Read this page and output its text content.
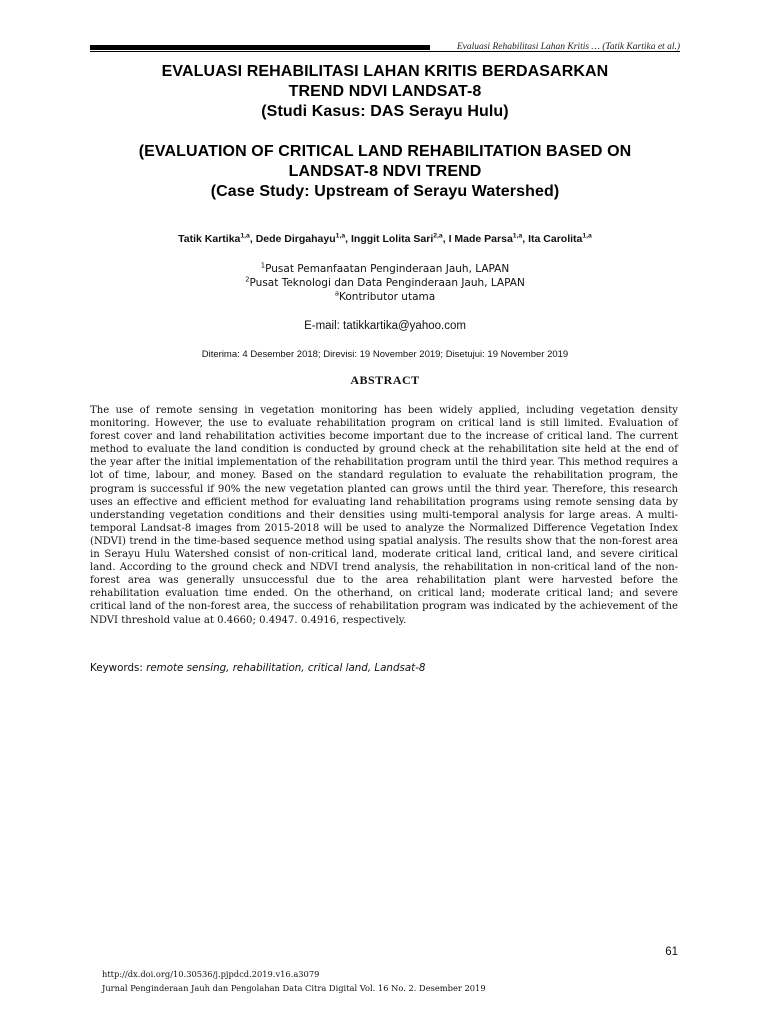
Evaluasi Rehabilitasi Lahan Kritis … (Tatik Kartika et al.)
EVALUASI REHABILITASI LAHAN KRITIS BERDASARKAN
TREND NDVI LANDSAT-8
(Studi Kasus: DAS Serayu Hulu)
(EVALUATION OF CRITICAL LAND REHABILITATION BASED ON
LANDSAT-8 NDVI TREND
(Case Study: Upstream of Serayu Watershed)
Tatik Kartika$^{1,a}$, Dede Dirgahayu$^{1,a}$, Inggit Lolita Sari$^{2,a}$, I Made Parsa$^{1,a}$, Ita Carolita$^{1,a}$
$^1$Pusat Pemanfaatan Penginderaan Jauh, LAPAN
$^2$Pusat Teknologi dan Data Penginderaan Jauh, LAPAN
$^a$Kontributor utama
E-mail: tatikkartika@yahoo.com
Diterima: 4 Desember 2018; Direvisi: 19 November 2019; Disetujui: 19 November 2019
ABSTRACT
The use of remote sensing in vegetation monitoring has been widely applied, including vegetation density monitoring. However, the use to evaluate rehabilitation program on critical land is still limited. Evaluation of forest cover and land rehabilitation activities become important due to the increase of critical land. The current method to evaluate the land condition is conducted by ground check at the rehabilitation site held at the end of the year after the initial implementation of the rehabilitation program until the third year. This method requires a lot of time, labour, and money. Based on the standard regulation to evaluate the rehabilitation program, the program is successful if 90% the new vegetation planted can grows until the third year. Therefore, this research uses an effective and efficient method for evaluating land rehabilitation programs using remote sensing data by understanding vegetation conditions and their densities using multi-temporal analysis for large areas. A multi-temporal Landsat-8 images from 2015-2018 will be used to analyze the Normalized Difference Vegetation Index (NDVI) trend in the time-based sequence method using spatial analysis. The results show that the non-forest area in Serayu Hulu Watershed consist of non-critical land, moderate critical land, critical land, and severe ciritical land. According to the ground check and NDVI trend analysis, the rehabilitation in non-critical land of the non-forest area was generally unsuccessful due to the area rehabilitation plant were harvested before the rehabilitation evaluation time ended. On the otherhand, on critical land; moderate critical land; and severe critical land of the non-forest area, the success of rehabilitation program was indicated by the achievement of the NDVI threshold value at 0.4660; 0.4947. 0.4916, respectively.
Keywords: remote sensing, rehabilitation, critical land, Landsat-8
61
http://dx.doi.org/10.30536/j.pjpdcd.2019.v16.a3079
Jurnal Penginderaan Jauh dan Pengolahan Data Citra Digital Vol. 16 No. 2. Desember 2019
